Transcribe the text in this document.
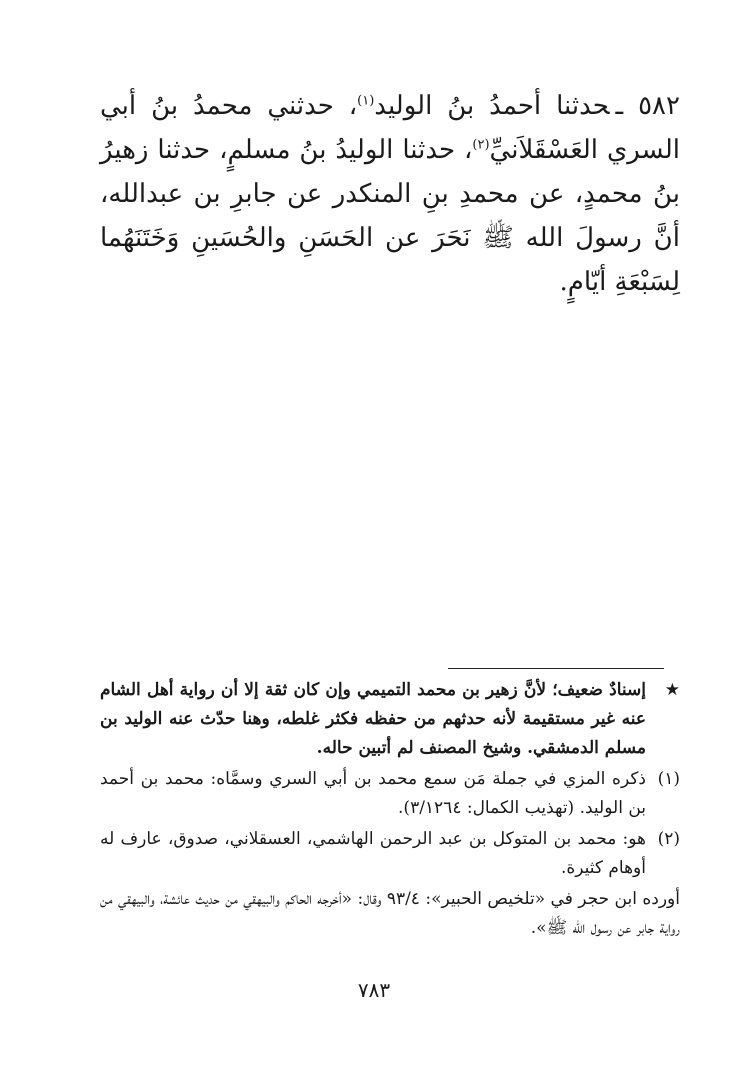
٥٨٢ ـحدثنا أحمدُ بنُ الوليد$^{(١)}$، حدثني محمدُ بنُ أبي السري العَسْقَلاَنيِّ$^{(٢)}$، حدثنا الوليدُ بنُ مسلمٍ، حدثنا زهيرُ بنُ محمدٍ، عن محمدِ بنِ المنكدر عن جابرِ بن عبدالله، أنَّ رسولَ الله ﷺ نَحَرَ عن الحَسَنِ والحُسَينِ وَخَتَنَهُما لِسَبْعَةِ أيّامٍ.
★
إسنادٌ ضعيف؛ لأنَّ زهير بن محمد التميمي وإن كان ثقة إلا أن رواية أهل الشام عنه غير مستقيمة لأنه حدثهم من حفظه فكثر غلطه، وهنا حدّث عنه الوليد بن مسلم الدمشقي. وشيخ المصنف لم أتبين حاله.
(١)
ذكره المزي في جملة مَن سمع محمد بن أبي السري وسمَّاه: محمد بن أحمد بن الوليد. (تهذيب الكمال: ٣/١٢٦٤).
(٢)
هو: محمد بن المتوكل بن عبد الرحمن الهاشمي، العسقلاني، صدوق، عارف له أوهام كثيرة.
أورده ابن حجر في «تلخيص الحبير»: ٩٣/٤ وقال: «أخرجه الحاكم والبيهقي من حديث عائشة، والبيهقي من رواية جابر عن رسول الله ﷺ».
٧٨٣
